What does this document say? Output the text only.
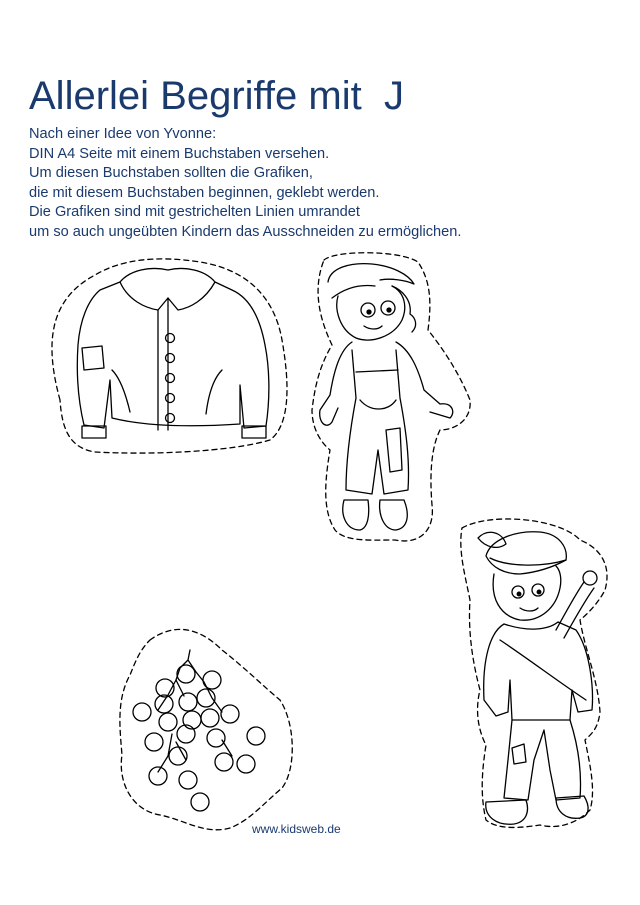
Allerlei Begriffe mit  J
Nach einer Idee von Yvonne:
DIN A4 Seite mit einem Buchstaben versehen.
Um diesen Buchstaben sollten die Grafiken,
die mit diesem Buchstaben beginnen, geklebt werden.
Die Grafiken sind mit gestrichelten Linien umrandet
um so auch ungeübten Kindern das Ausschneiden zu ermöglichen.
www.kidsweb.de
